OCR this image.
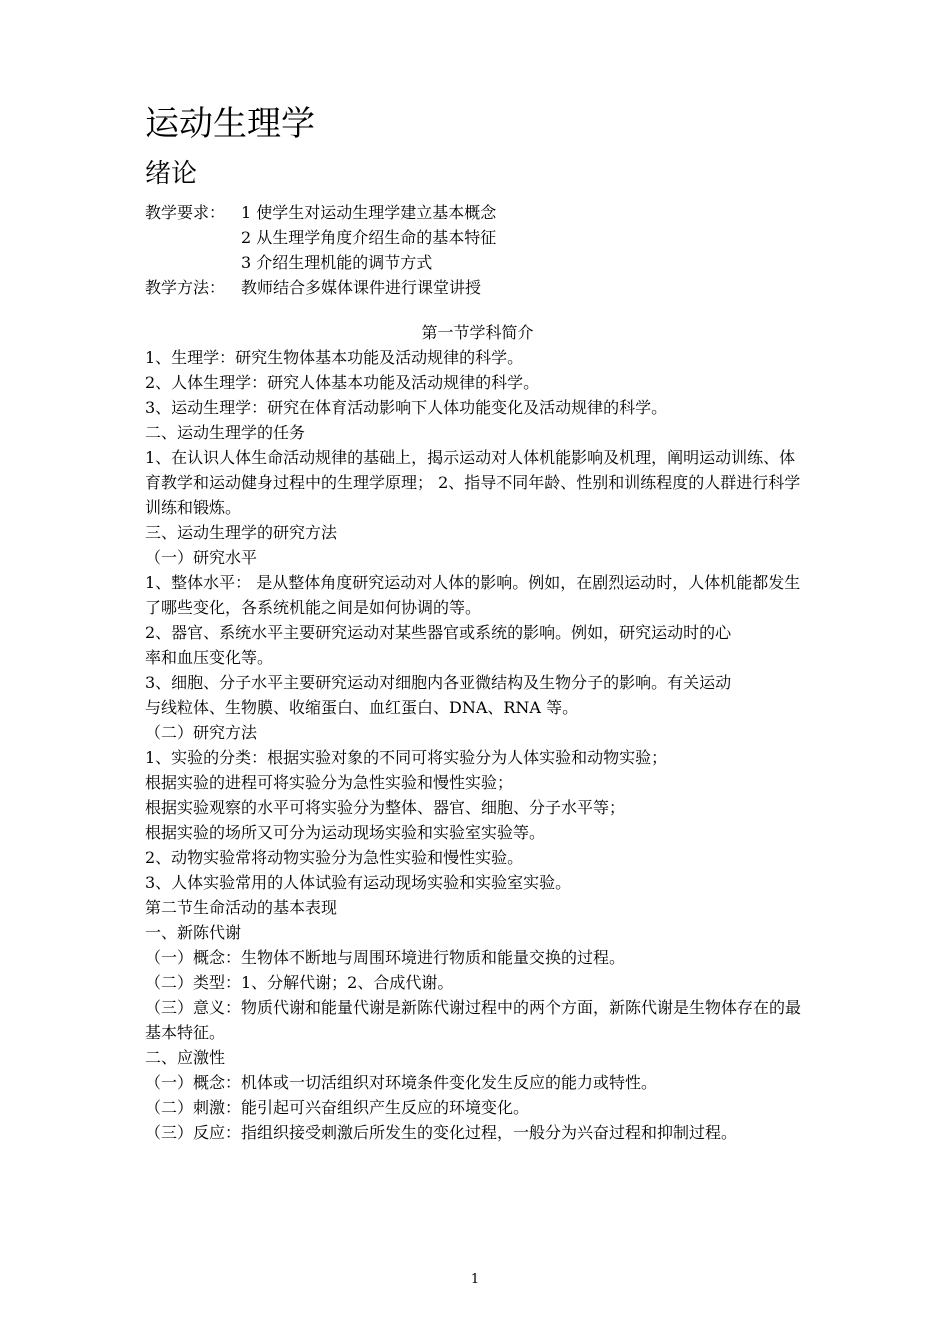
运动生理学
绪论
教学要求： 1 使学生对运动生理学建立基本概念
2 从生理学角度介绍生命的基本特征
3 介绍生理机能的调节方式
教学方法： 教师结合多媒体课件进行课堂讲授
第一节学科简介

1、生理学：研究生物体基本功能及活动规律的科学。

2、人体生理学：研究人体基本功能及活动规律的科学。

3、运动生理学：研究在体育活动影响下人体功能变化及活动规律的科学。

二、运动生理学的任务

1、在认识人体生命活动规律的基础上，揭示运动对人体机能影响及机理，阐明运动训练、体育教学和运动健身过程中的生理学原理； 2、指导不同年龄、性别和训练程度的人群进行科学训练和锻炼。

三、运动生理学的研究方法

（一）研究水平

1、整体水平： 是从整体角度研究运动对人体的影响。例如，在剧烈运动时，人体机能都发生了哪些变化，各系统机能之间是如何协调的等。

2、器官、系统水平主要研究运动对某些器官或系统的影响。例如，研究运动时的心

率和血压变化等。

3、细胞、分子水平主要研究运动对细胞内各亚微结构及生物分子的影响。有关运动

与线粒体、生物膜、收缩蛋白、血红蛋白、DNA、RNA 等。

（二）研究方法

1、实验的分类：根据实验对象的不同可将实验分为人体实验和动物实验；

根据实验的进程可将实验分为急性实验和慢性实验；

根据实验观察的水平可将实验分为整体、器官、细胞、分子水平等；

根据实验的场所又可分为运动现场实验和实验室实验等。

2、动物实验常将动物实验分为急性实验和慢性实验。

3、人体实验常用的人体试验有运动现场实验和实验室实验。

第二节生命活动的基本表现

一、新陈代谢

（一）概念：生物体不断地与周围环境进行物质和能量交换的过程。

（二）类型：1、分解代谢；2、合成代谢。

（三）意义：物质代谢和能量代谢是新陈代谢过程中的两个方面，新陈代谢是生物体存在的最基本特征。

二、应激性

（一）概念：机体或一切活组织对环境条件变化发生反应的能力或特性。

（二）刺激：能引起可兴奋组织产生反应的环境变化。

（三）反应：指组织接受刺激后所发生的变化过程，一般分为兴奋过程和抑制过程。

1
